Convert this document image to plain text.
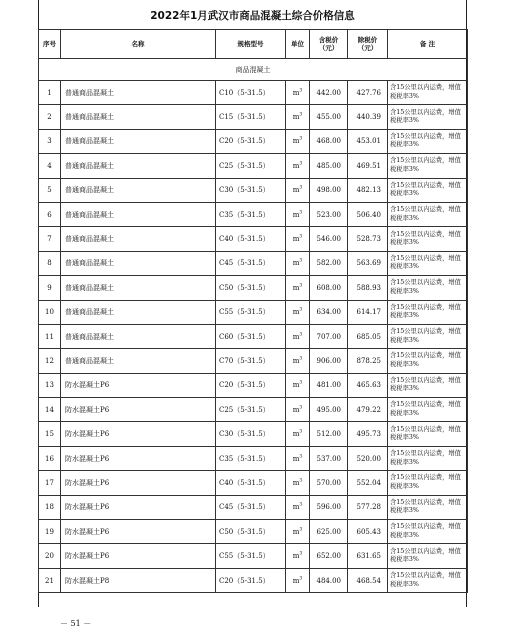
2022年1月武汉市商品混凝土综合价格信息
序号	名称	规格型号	单位	含税价（元）	除税价（元）	备 注
商品混凝土						
1	普通商品混凝土	C10（5-31.5）	$m^3$	442.00	427.76	含15公里以内运费，增值税税率3%
2	普通商品混凝土	C15（5-31.5）	$m^3$	455.00	440.39	含15公里以内运费，增值税税率3%
3	普通商品混凝土	C20（5-31.5）	$m^3$	468.00	453.01	含15公里以内运费，增值税税率3%
4	普通商品混凝土	C25（5-31.5）	$m^3$	485.00	469.51	含15公里以内运费，增值税税率3%
5	普通商品混凝土	C30（5-31.5）	$m^3$	498.00	482.13	含15公里以内运费，增值税税率3%
6	普通商品混凝土	C35（5-31.5）	$m^3$	523.00	506.40	含15公里以内运费，增值税税率3%
7	普通商品混凝土	C40（5-31.5）	$m^3$	546.00	528.73	含15公里以内运费，增值税税率3%
8	普通商品混凝土	C45（5-31.5）	$m^3$	582.00	563.69	含15公里以内运费，增值税税率3%
9	普通商品混凝土	C50（5-31.5）	$m^3$	608.00	588.93	含15公里以内运费，增值税税率3%
10	普通商品混凝土	C55（5-31.5）	$m^3$	634.00	614.17	含15公里以内运费，增值税税率3%
11	普通商品混凝土	C60（5-31.5）	$m^3$	707.00	685.05	含15公里以内运费，增值税税率3%
12	普通商品混凝土	C70（5-31.5）	$m^3$	906.00	878.25	含15公里以内运费，增值税税率3%
13	防水混凝土P6	C20（5-31.5）	$m^3$	481.00	465.63	含15公里以内运费，增值税税率3%
14	防水混凝土P6	C25（5-31.5）	$m^3$	495.00	479.22	含15公里以内运费，增值税税率3%
15	防水混凝土P6	C30（5-31.5）	$m^3$	512.00	495.73	含15公里以内运费，增值税税率3%
16	防水混凝土P6	C35（5-31.5）	$m^3$	537.00	520.00	含15公里以内运费，增值税税率3%
17	防水混凝土P6	C40（5-31.5）	$m^3$	570.00	552.04	含15公里以内运费，增值税税率3%
18	防水混凝土P6	C45（5-31.5）	$m^3$	596.00	577.28	含15公里以内运费，增值税税率3%
19	防水混凝土P6	C50（5-31.5）	$m^3$	625.00	605.43	含15公里以内运费，增值税税率3%
20	防水混凝土P6	C55（5-31.5）	$m^3$	652.00	631.65	含15公里以内运费，增值税税率3%
21	防水混凝土P8	C20（5-31.5）	$m^3$	484.00	468.54	含15公里以内运费，增值税税率3%
－ 51 －
